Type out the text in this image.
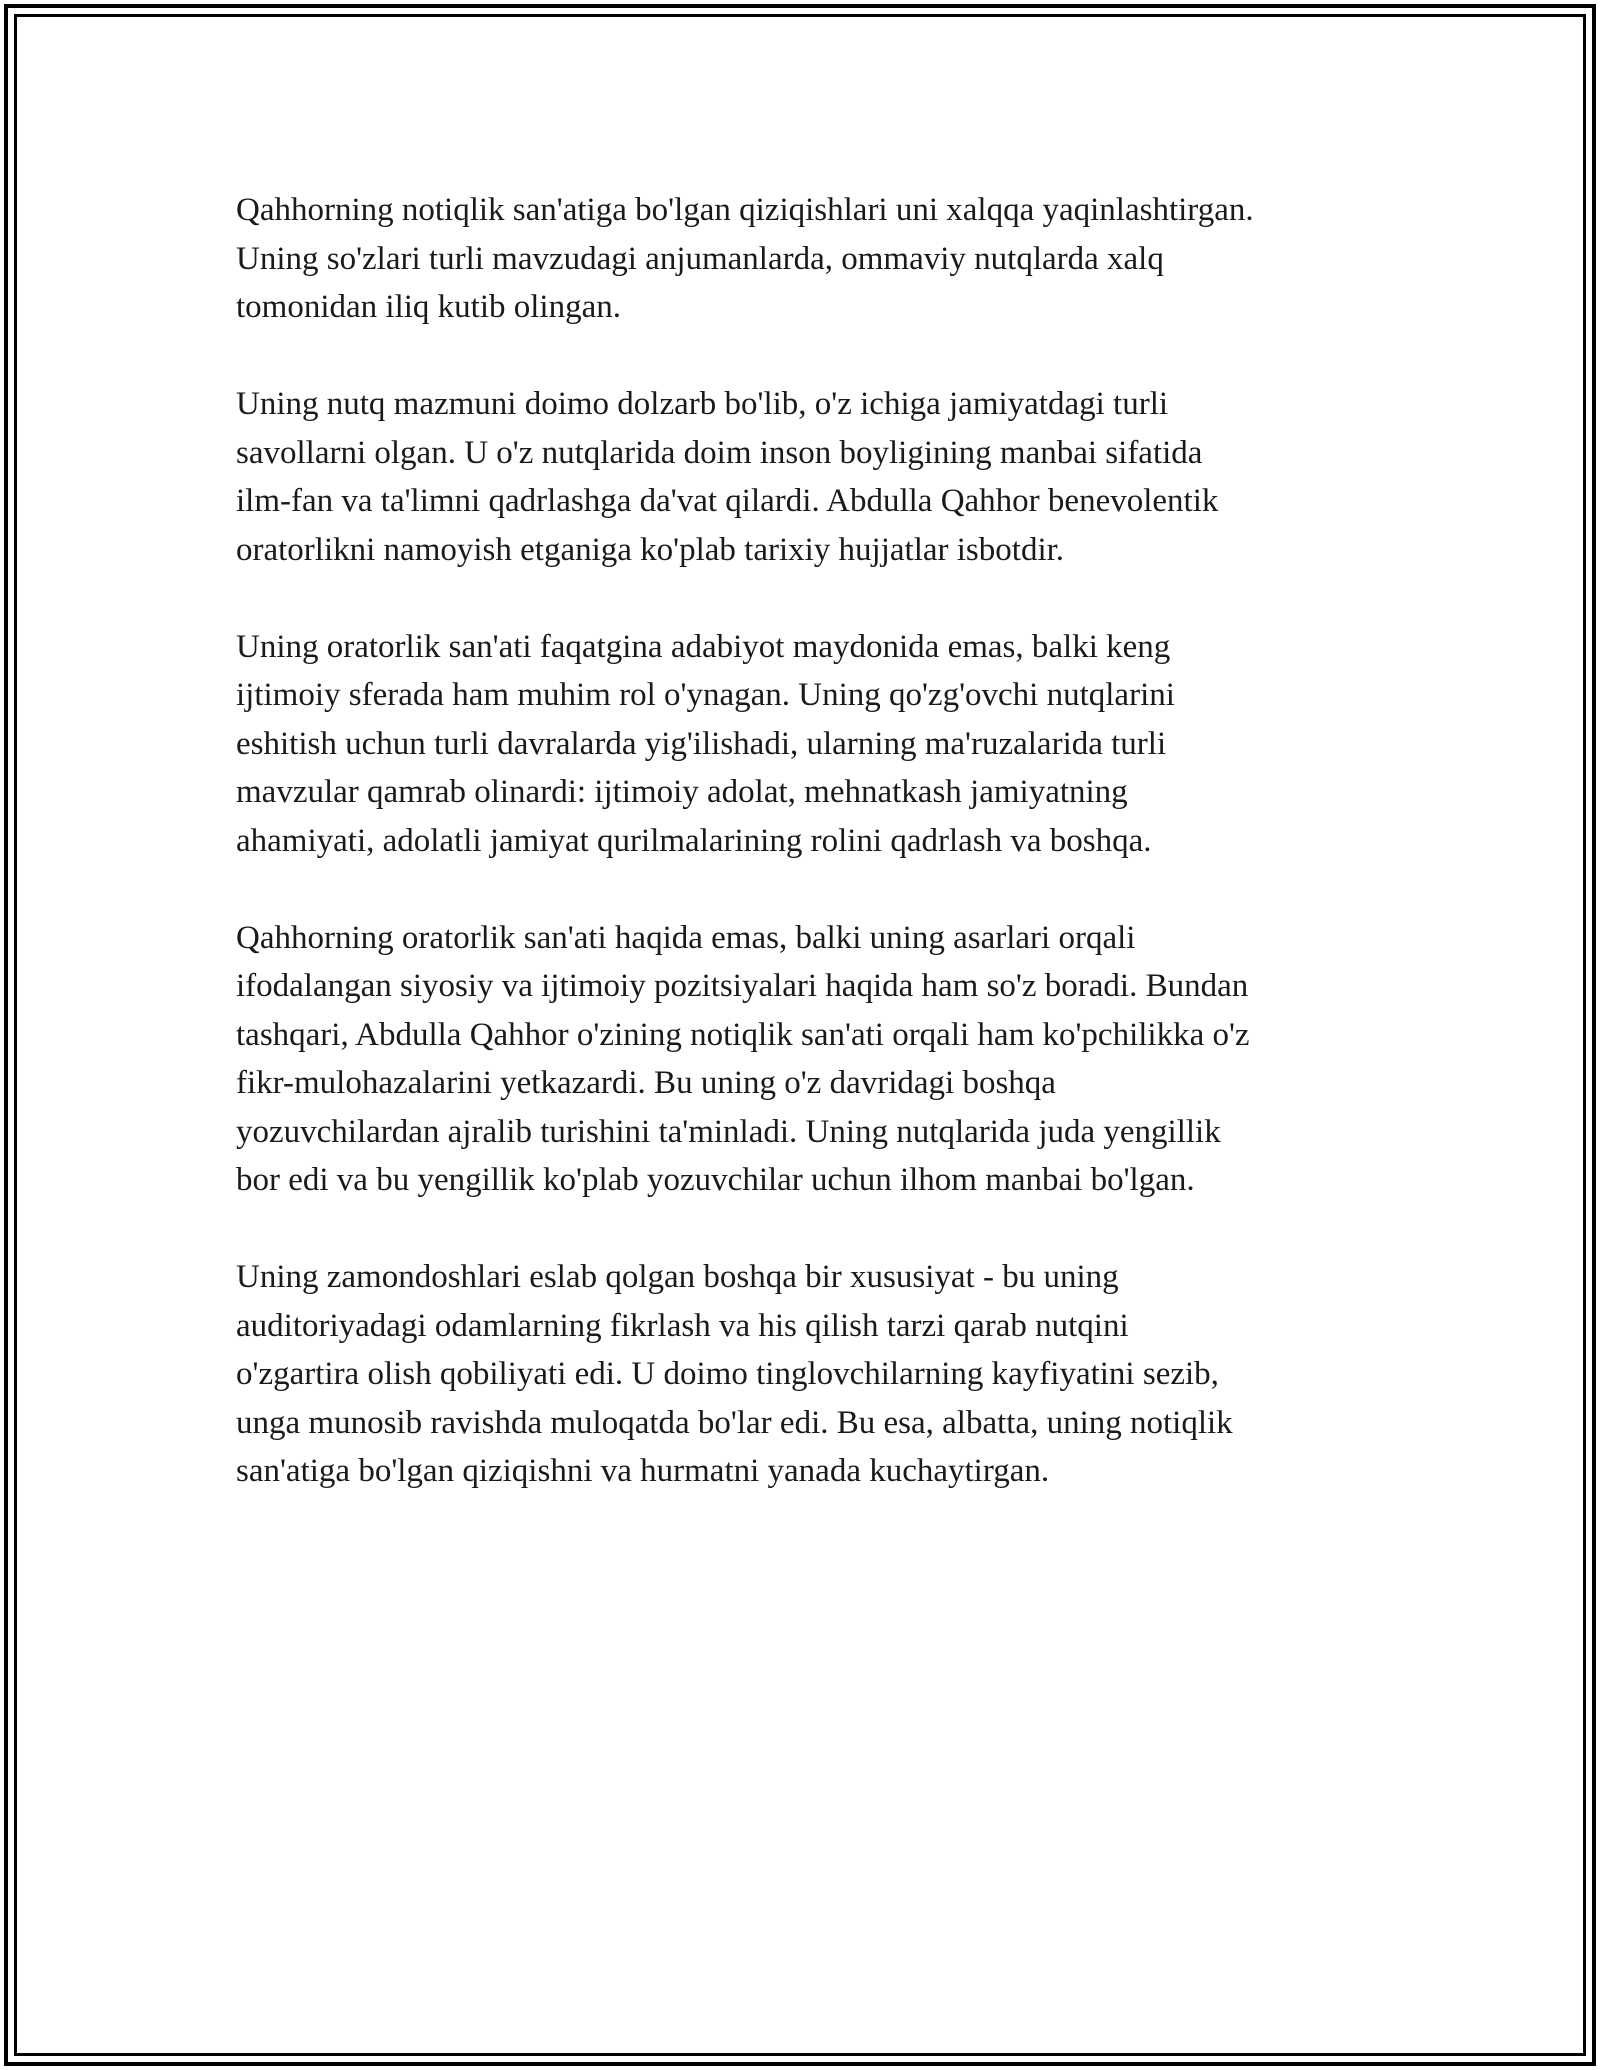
Qahhorning notiqlik san'atiga bo'lgan qiziqishlari uni xalqqa yaqinlashtirgan.
Uning so'zlari turli mavzudagi anjumanlarda, ommaviy nutqlarda xalq
tomonidan iliq kutib olingan.

Uning nutq mazmuni doimo dolzarb bo'lib, o'z ichiga jamiyatdagi turli
savollarni olgan. U o'z nutqlarida doim inson boyligining manbai sifatida
ilm-fan va ta'limni qadrlashga da'vat qilardi. Abdulla Qahhor benevolentik
oratorlikni namoyish etganiga ko'plab tarixiy hujjatlar isbotdir.

Uning oratorlik san'ati faqatgina adabiyot maydonida emas, balki keng
ijtimoiy sferada ham muhim rol o'ynagan. Uning qo'zg'ovchi nutqlarini
eshitish uchun turli davralarda yig'ilishadi, ularning ma'ruzalarida turli
mavzular qamrab olinardi: ijtimoiy adolat, mehnatkash jamiyatning
ahamiyati, adolatli jamiyat qurilmalarining rolini qadrlash va boshqa.

Qahhorning oratorlik san'ati haqida emas, balki uning asarlari orqali
ifodalangan siyosiy va ijtimoiy pozitsiyalari haqida ham so'z boradi. Bundan
tashqari, Abdulla Qahhor o'zining notiqlik san'ati orqali ham ko'pchilikka o'z
fikr-mulohazalarini yetkazardi. Bu uning o'z davridagi boshqa
yozuvchilardan ajralib turishini ta'minladi. Uning nutqlarida juda yengillik
bor edi va bu yengillik ko'plab yozuvchilar uchun ilhom manbai bo'lgan.

Uning zamondoshlari eslab qolgan boshqa bir xususiyat - bu uning
auditoriyadagi odamlarning fikrlash va his qilish tarzi qarab nutqini
o'zgartira olish qobiliyati edi. U doimo tinglovchilarning kayfiyatini sezib,
unga munosib ravishda muloqatda bo'lar edi. Bu esa, albatta, uning notiqlik
san'atiga bo'lgan qiziqishni va hurmatni yanada kuchaytirgan.
